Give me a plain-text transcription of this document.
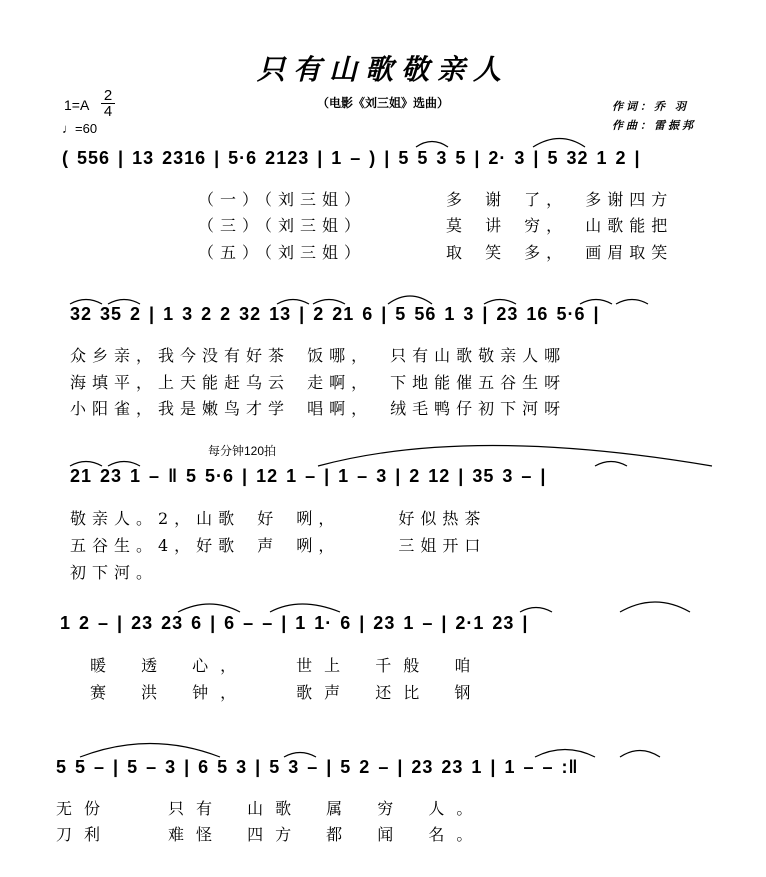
只有山歌敬亲人
（电影《刘三姐》选曲）	作词：乔 羽
作曲：雷振邦
$1=A \frac{2}{4}$
♩=60
( 556 | 13 2316 | 5·6 2123 | 1 – ) | 5 5 3 5 | 2· 3 | 5 32 1 2 |
（一）（刘三姐）　　　　多 谢 了， 多谢四方
（三）（刘三姐）　　　　莫 讲 穷， 山歌能把
（五）（刘三姐）　　　　取 笑 多， 画眉取笑
32 35 2 | 1 3 2 2 32 13 | 2 21 6 | 5 56 1 3 | 23 16 5·6 |
众乡亲，我今没有好茶 饭哪， 只有山歌敬亲人哪
海填平，上天能赶乌云 走啊， 下地能催五谷生呀
小阳雀，我是嫩鸟才学 唱啊， 绒毛鸭仔初下河呀
每分钟120拍
21 23 1 – ‖ 5 5·6 | 12 1 – | 1 – 3 | 2 12 | 35 3 – |
敬亲人。2，山歌 好 咧，　　　好似热茶
五谷生。4，好歌 声 咧，　　　三姐开口
初下河。
1 2 – | 23 23 6 | 6 – – | 1 1· 6 | 23 1 – | 2·1 23 |
暖 透 心，　　世上 千般 咱
赛 洪 钟，　　歌声 还比 钢
5 5 – | 5 – 3 | 6 5 3 | 5 3 – | 5 2 – | 23 23 1 | 1 – – :‖
无份　　只有 山歌 属 穷 人。
刀利　　难怪 四方 都 闻 名。
